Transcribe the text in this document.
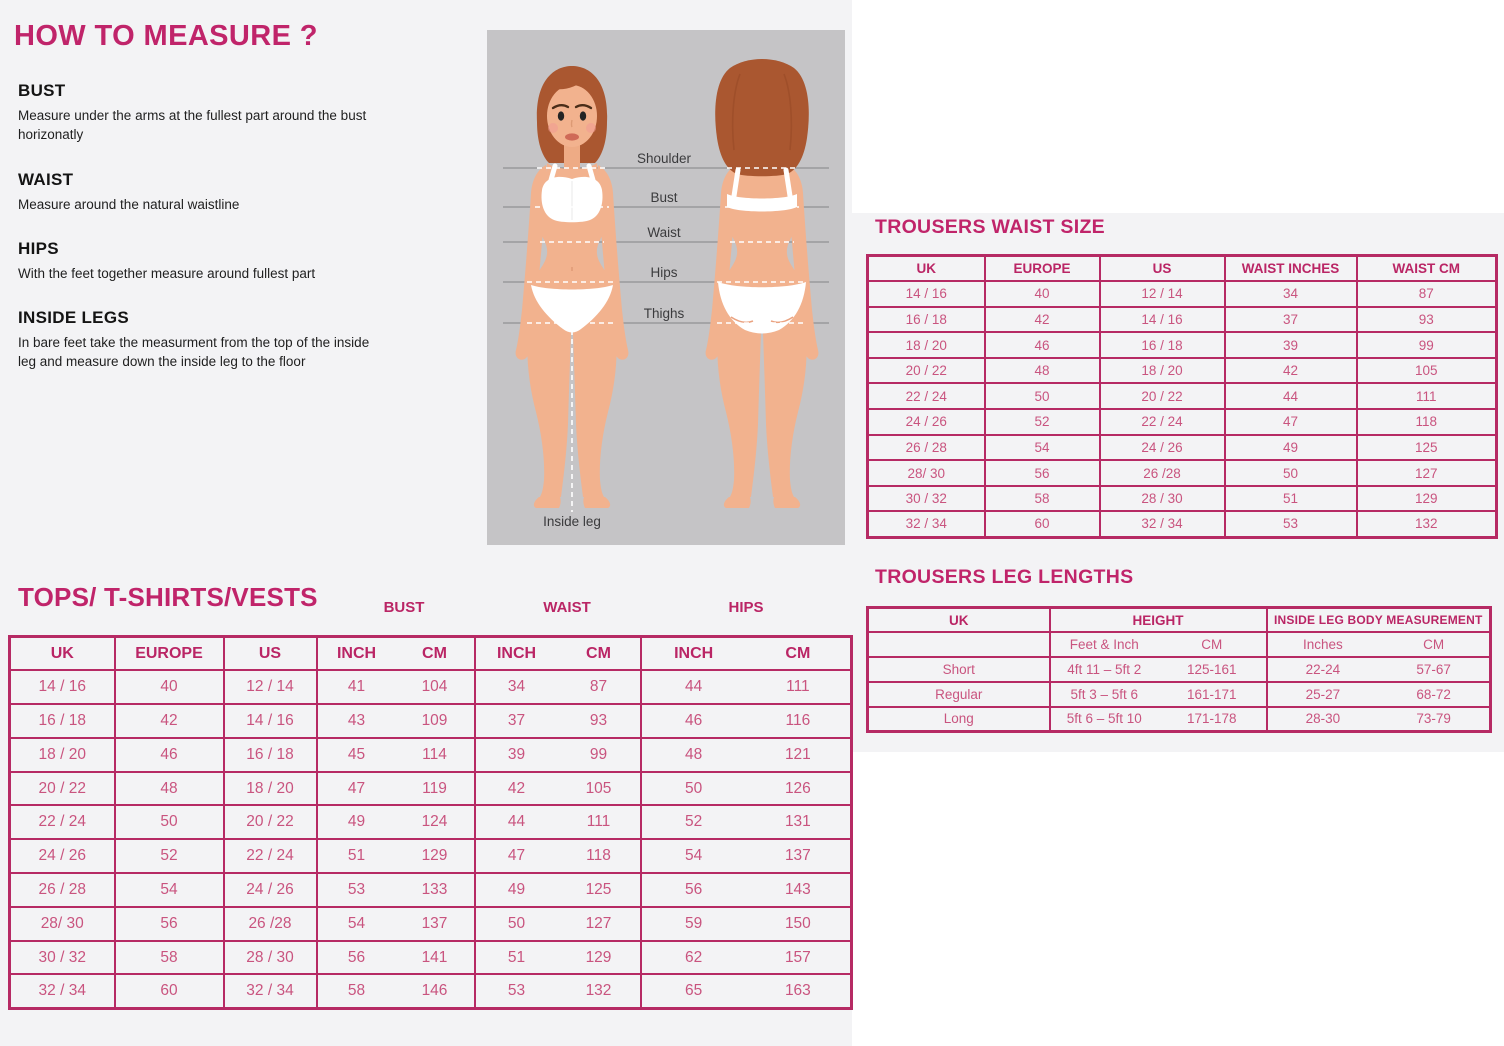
HOW TO MEASURE ?
BUST

Measure under the arms at the fullest part around the bust horizonatly

WAIST

Measure around the natural waistline

HIPS

With the feet together measure around fullest part

INSIDE LEGS

In bare feet take the measurment from the top of the inside leg and measure down the inside leg to the floor

Shoulder
Bust
Waist
Hips
Thighs
Inside leg
TROUSERS WAIST SIZE
UK	EUROPE	US	WAIST INCHES	WAIST CM
14 / 16	40	12 / 14	34	87
16 / 18	42	14 / 16	37	93
18 / 20	46	16 / 18	39	99
20 / 22	48	18 / 20	42	105
22 / 24	50	20 / 22	44	111
24 / 26	52	22 / 24	47	118
26 / 28	54	24 / 26	49	125
28/ 30	56	26 /28	50	127
30 / 32	58	28 / 30	51	129
32 / 34	60	32 / 34	53	132
TROUSERS LEG LENGTHS
UK	HEIGHT	INSIDE LEG BODY MEASUREMENT
	Feet & Inch CM	Inches CM
Short	4ft 11 – 5ft 2 125-161	22-24 57-67
Regular	5ft 3 – 5ft 6 161-171	25-27 68-72
Long	5ft 6 – 5ft 10 171-178	28-30 73-79
TOPS/ T-SHIRTS/VESTS	BUST	WAIST	HIPS
UK	EUROPE	US	INCH CM	INCH CM	INCH CM
14 / 16	40	12 / 14	41 104	34 87	44 111
16 / 18	42	14 / 16	43 109	37 93	46 116
18 / 20	46	16 / 18	45 114	39 99	48 121
20 / 22	48	18 / 20	47 119	42 105	50 126
22 / 24	50	20 / 22	49 124	44 111	52 131
24 / 26	52	22 / 24	51 129	47 118	54 137
26 / 28	54	24 / 26	53 133	49 125	56 143
28/ 30	56	26 /28	54 137	50 127	59 150
30 / 32	58	28 / 30	56 141	51 129	62 157
32 / 34	60	32 / 34	58 146	53 132	65 163
